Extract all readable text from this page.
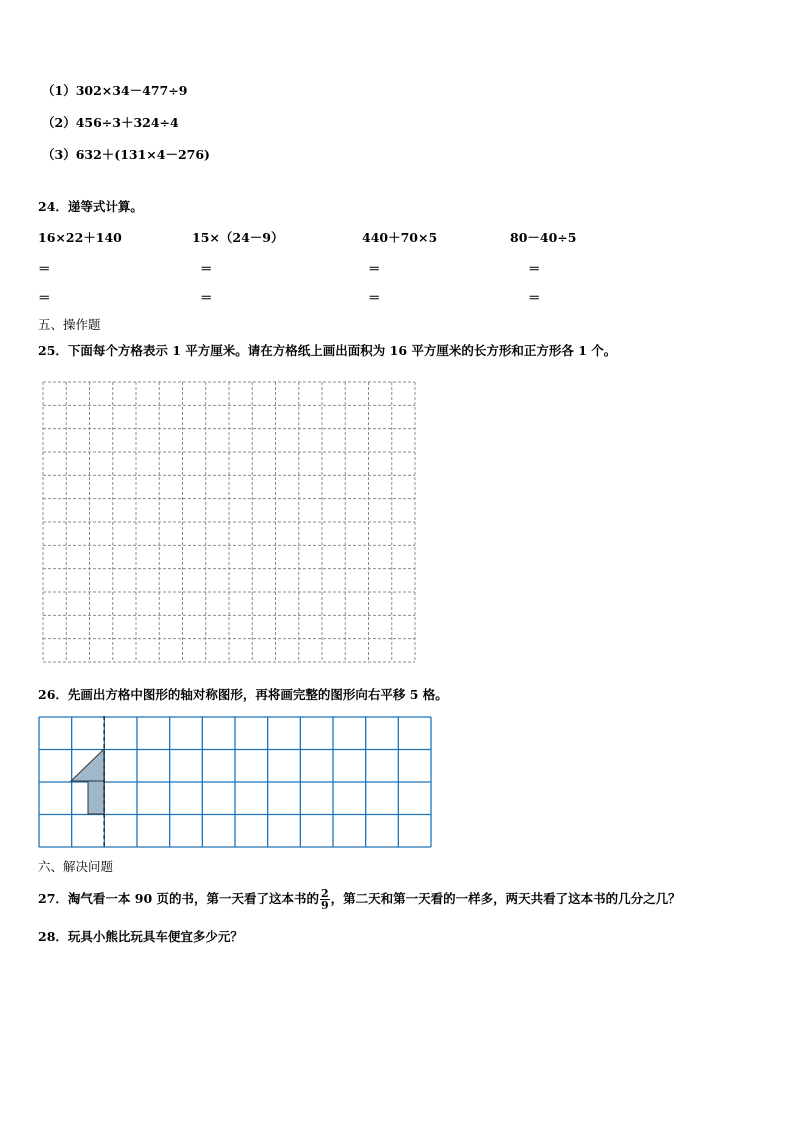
（1）302×34－477÷9
（2）456÷3＋324÷4
（3）632＋(131×4－276)
24．递等式计算。
16×22＋140	15×（24－9）	440＋70×5	80－40÷5
＝	＝	＝	＝
＝	＝	＝	＝
五、操作题
25．下面每个方格表示 1 平方厘米。请在方格纸上画出面积为 16 平方厘米的长方形和正方形各 1 个。
26．先画出方格中图形的轴对称图形，再将画完整的图形向右平移 5 格。
六、解决问题
27．淘气看一本 90 页的书，第一天看了这本书的 $\frac{2}{9}$ ，第二天和第一天看的一样多，两天共看了这本书的几分之几？
28．玩具小熊比玩具车便宜多少元？
